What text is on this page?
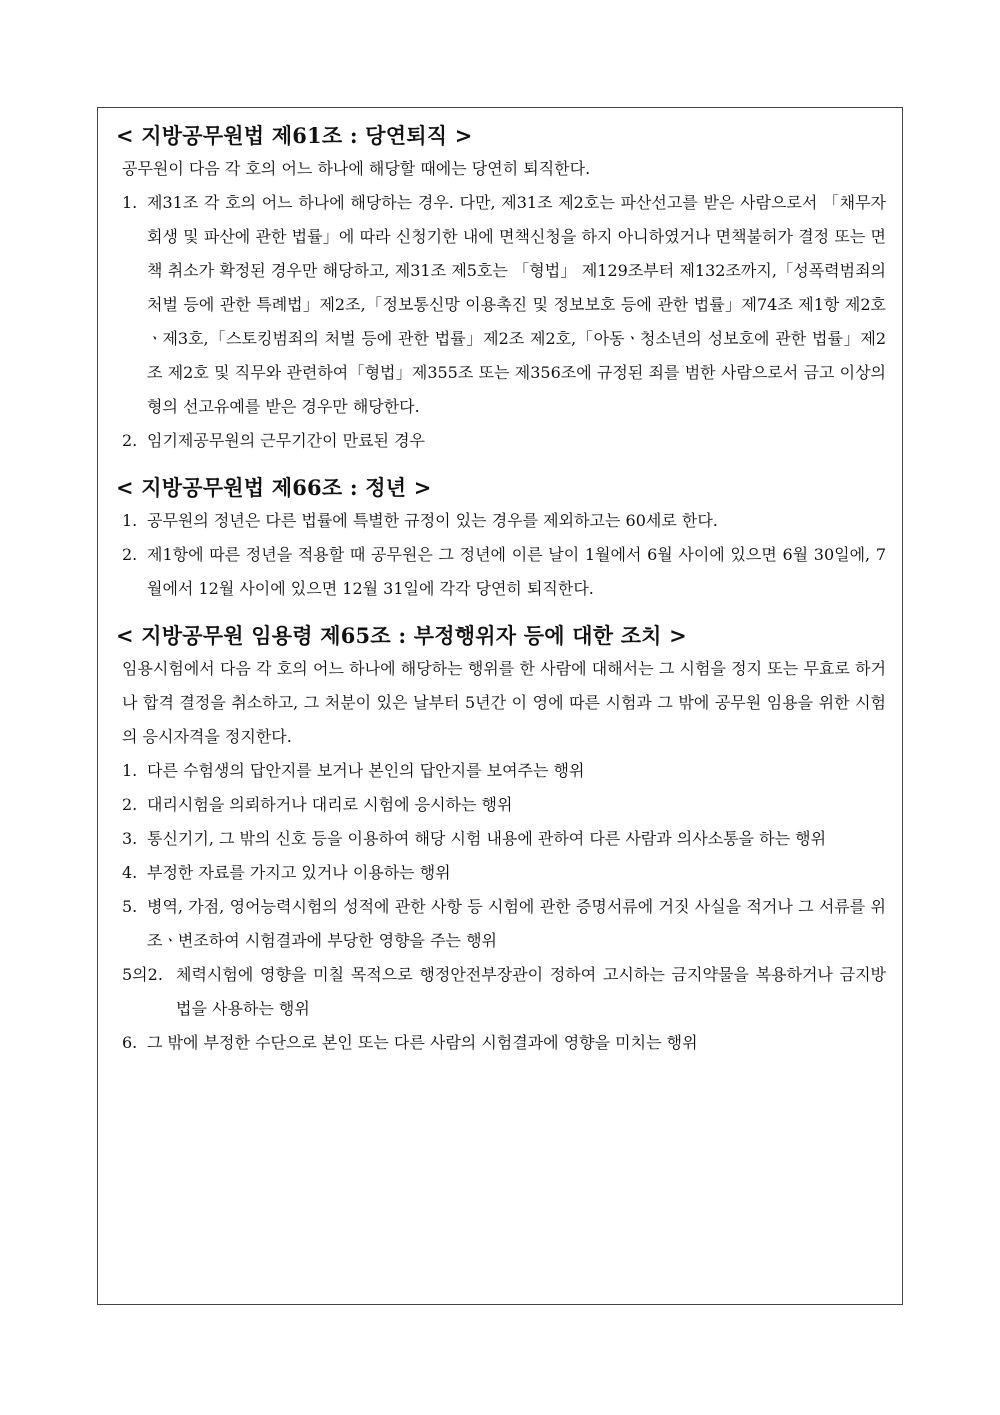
< 지방공무원법 제61조 : 당연퇴직 >

공무원이 다음 각 호의 어느 하나에 해당할 때에는 당연히 퇴직한다.

1. 제31조 각 호의 어느 하나에 해당하는 경우. 다만, 제31조 제2호는 파산선고를 받은 사람으로서 「채무자 회생 및 파산에 관한 법률」에 따라 신청기한 내에 면책신청을 하지 아니하였거나 면책불허가 결정 또는 면책 취소가 확정된 경우만 해당하고, 제31조 제5호는 「형법」 제129조부터 제132조까지,「성폭력범죄의 처벌 등에 관한 특례법」제2조,「정보통신망 이용촉진 및 정보보호 등에 관한 법률」제74조 제1항 제2호ㆍ제3호,「스토킹범죄의 처벌 등에 관한 법률」제2조 제2호,「아동ㆍ청소년의 성보호에 관한 법률」제2조 제2호 및 직무와 관련하여「형법」제355조 또는 제356조에 규정된 죄를 범한 사람으로서 금고 이상의 형의 선고유예를 받은 경우만 해당한다.
2. 임기제공무원의 근무기간이 만료된 경우
< 지방공무원법 제66조 : 정년 >
1. 공무원의 정년은 다른 법률에 특별한 규정이 있는 경우를 제외하고는 60세로 한다.
2. 제1항에 따른 정년을 적용할 때 공무원은 그 정년에 이른 날이 1월에서 6월 사이에 있으면 6월 30일에, 7월에서 12월 사이에 있으면 12월 31일에 각각 당연히 퇴직한다.
< 지방공무원 임용령 제65조 : 부정행위자 등에 대한 조치 >

임용시험에서 다음 각 호의 어느 하나에 해당하는 행위를 한 사람에 대해서는 그 시험을 정지 또는 무효로 하거나 합격 결정을 취소하고, 그 처분이 있은 날부터 5년간 이 영에 따른 시험과 그 밖에 공무원 임용을 위한 시험의 응시자격을 정지한다.

1. 다른 수험생의 답안지를 보거나 본인의 답안지를 보여주는 행위
2. 대리시험을 의뢰하거나 대리로 시험에 응시하는 행위
3. 통신기기, 그 밖의 신호 등을 이용하여 해당 시험 내용에 관하여 다른 사람과 의사소통을 하는 행위
4. 부정한 자료를 가지고 있거나 이용하는 행위
5. 병역, 가점, 영어능력시험의 성적에 관한 사항 등 시험에 관한 증명서류에 거짓 사실을 적거나 그 서류를 위조ㆍ변조하여 시험결과에 부당한 영향을 주는 행위
5의2. 체력시험에 영향을 미칠 목적으로 행정안전부장관이 정하여 고시하는 금지약물을 복용하거나 금지방법을 사용하는 행위
6. 그 밖에 부정한 수단으로 본인 또는 다른 사람의 시험결과에 영향을 미치는 행위
